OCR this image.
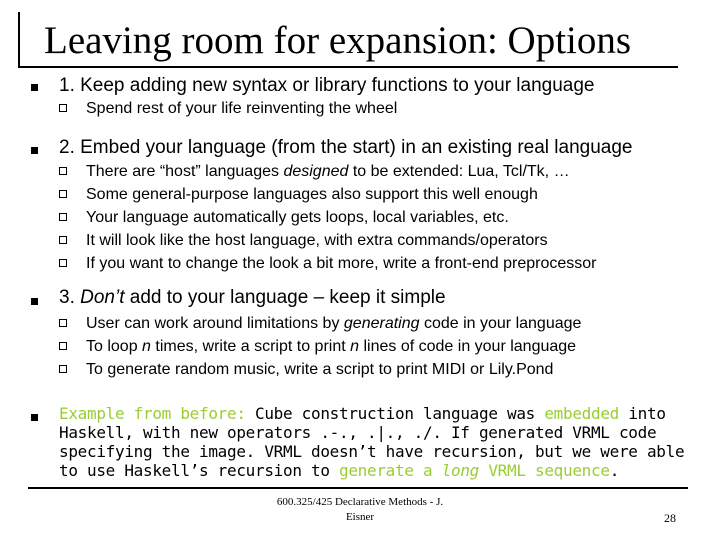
Leaving room for expansion: Options
1. Keep adding new syntax or library functions to your language
Spend rest of your life reinventing the wheel
2. Embed your language (from the start) in an existing real language
There are “host” languages designed to be extended: Lua, Tcl/Tk, …
Some general-purpose languages also support this well enough
Your language automatically gets loops, local variables, etc.
It will look like the host language, with extra commands/operators
If you want to change the look a bit more, write a front-end preprocessor
3. Don’t add to your language – keep it simple
User can work around limitations by generating code in your language
To loop n times, write a script to print n lines of code in your language
To generate random music, write a script to print MIDI or Lily.Pond
Example from before: Cube construction language was embedded into Haskell, with new operators .-., .|., ./. If generated VRML code specifying the image. VRML doesn’t have recursion, but we were able to use Haskell’s recursion to generate a long VRML sequence.
600.325/425 Declarative Methods - J.
Eisner	28
